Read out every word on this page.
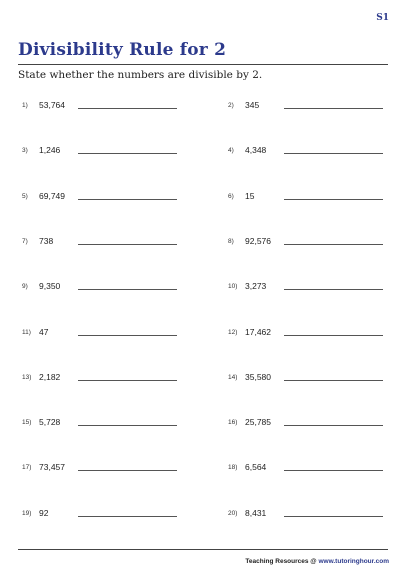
S1
Divisibility Rule for 2
State whether the numbers are divisible by 2.
1) 53,764	2) 345
3) 1,246	4) 4,348
5) 69,749	6) 15
7) 738	8) 92,576
9) 9,350	10) 3,273
11) 47	12) 17,462
13) 2,182	14) 35,580
15) 5,728	16) 25,785
17) 73,457	18) 6,564
19) 92	20) 8,431
Teaching Resources @ www.tutoringhour.com
